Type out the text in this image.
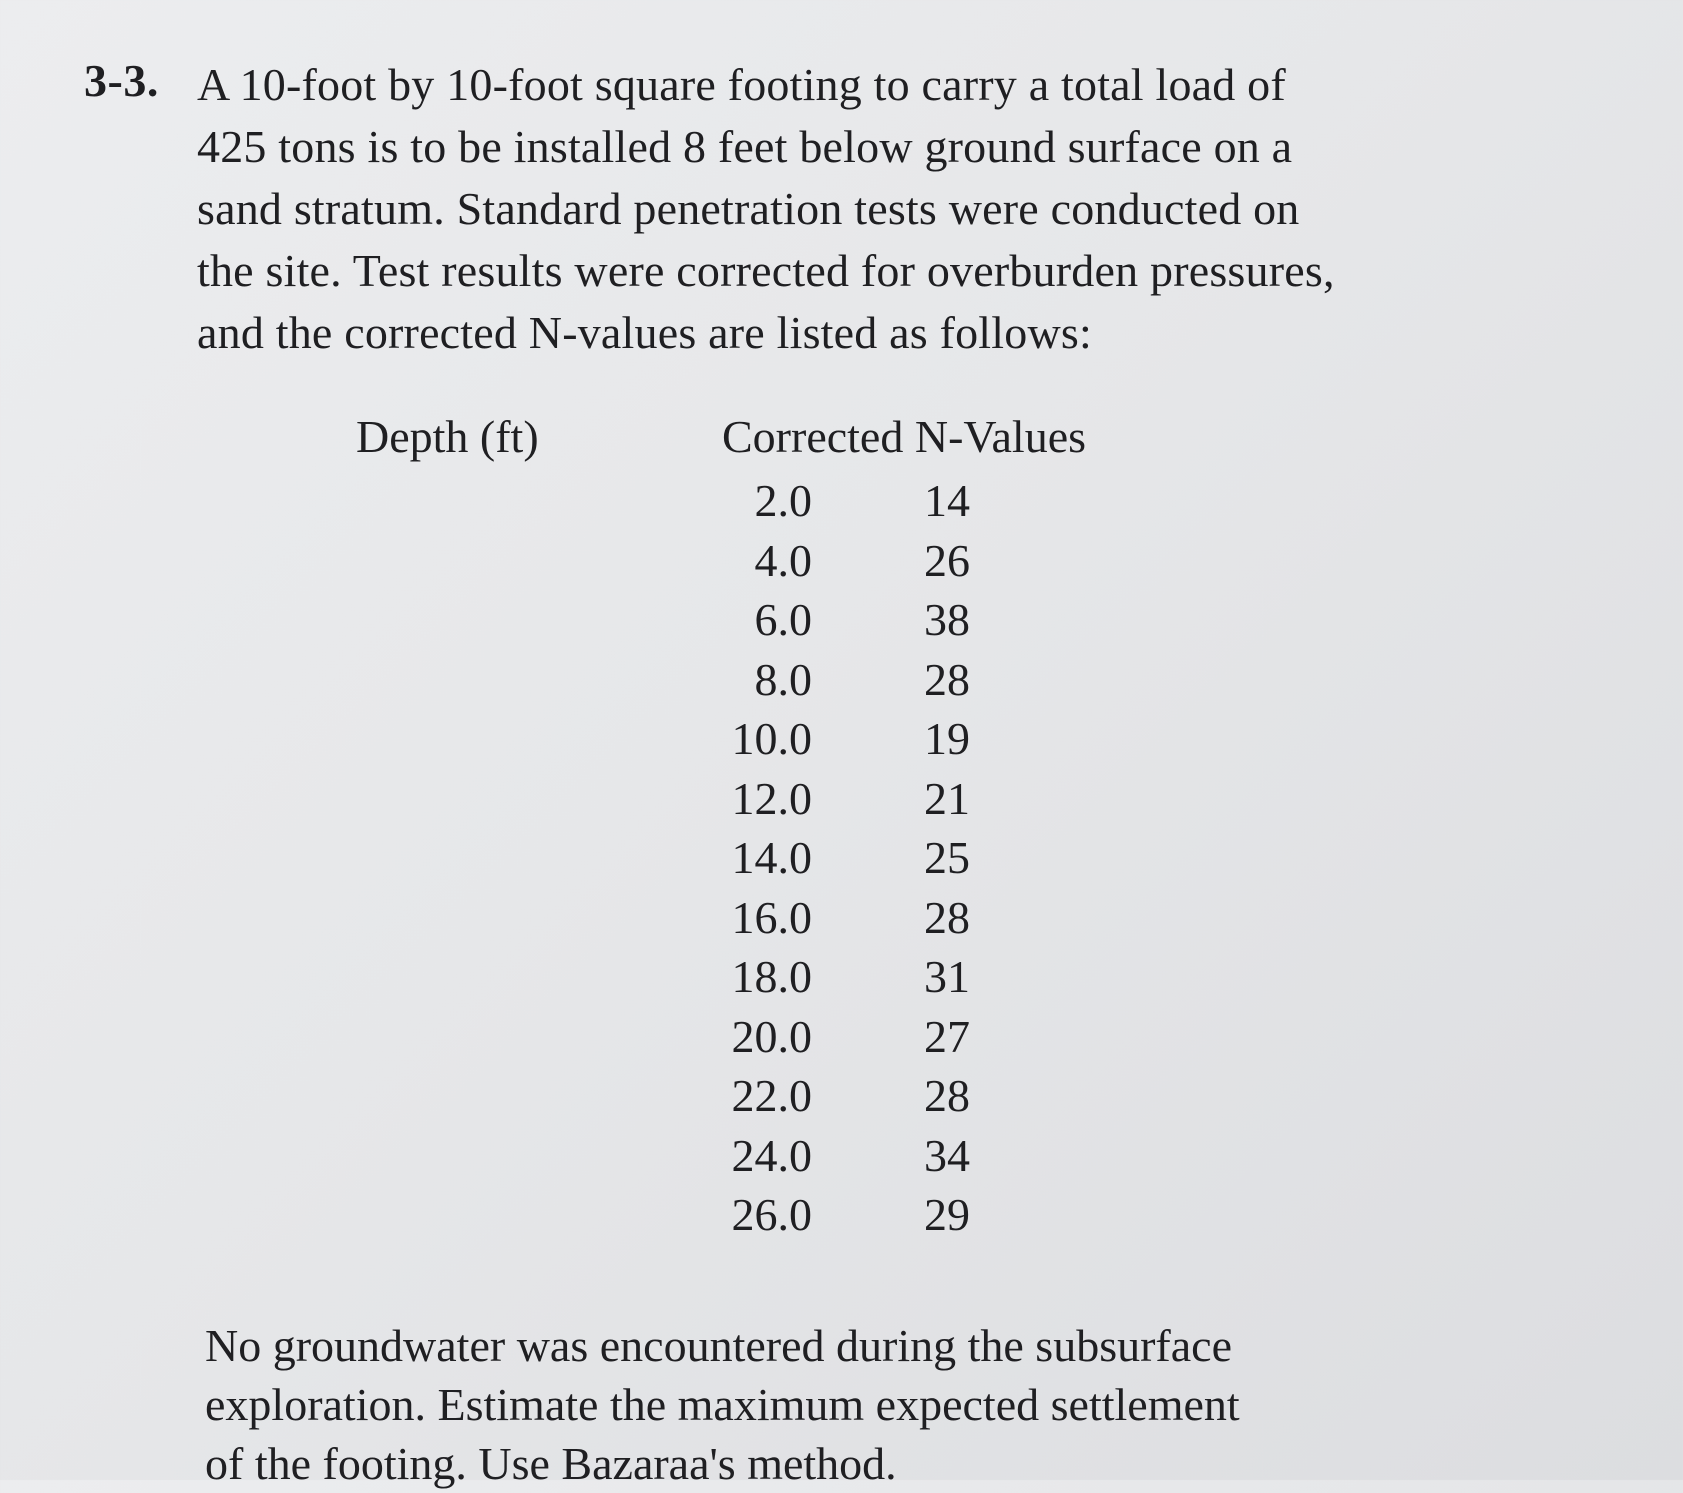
3-3. A 10-foot by 10-foot square footing to carry a total load of
425 tons is to be installed 8 feet below ground surface on a
sand stratum. Standard penetration tests were conducted on
the site. Test results were corrected for overburden pressures,
and the corrected N-values are listed as follows:

Depth (ft)	Corrected N-Values
2.0	14
4.0	26
6.0	38
8.0	28
10.0	19
12.0	21
14.0	25
16.0	28
18.0	31
20.0	27
22.0	28
24.0	34
26.0	29

No groundwater was encountered during the subsurface
exploration. Estimate the maximum expected settlement
of the footing. Use Bazaraa's method.
